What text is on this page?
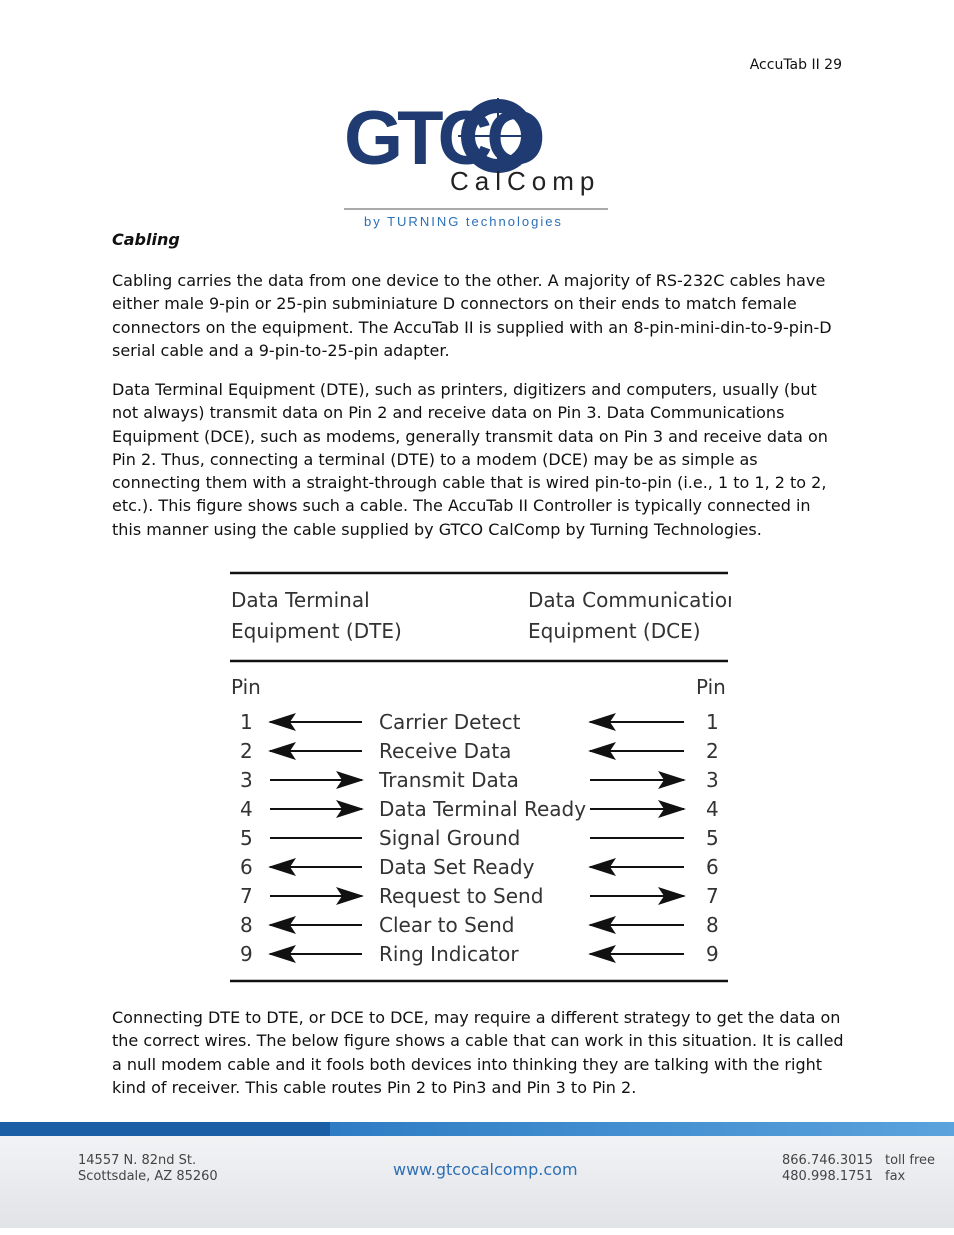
AccuTab II 29
GTCO
CalComp
by TURNING technologies
Cabling

Cabling carries the data from one device to the other. A majority of RS-232C cables have either male 9-pin or 25-pin subminiature D connectors on their ends to match female connectors on the equipment. The AccuTab II is supplied with an 8-pin-mini-din-to-9-pin-D serial cable and a 9-pin-to-25-pin adapter.

Data Terminal Equipment (DTE), such as printers, digitizers and computers, usually (but not always) transmit data on Pin 2 and receive data on Pin 3. Data Communications Equipment (DCE), such as modems, generally transmit data on Pin 3 and receive data on Pin 2. Thus, connecting a terminal (DTE) to a modem (DCE) may be as simple as connecting them with a straight-through cable that is wired pin-to-pin (i.e., 1 to 1, 2 to 2, etc.). This figure shows such a cable. The AccuTab II Controller is typically connected in this manner using the cable supplied by GTCO CalComp by Turning Technologies.

Data Terminal
Equipment (DTE)
Data Communication
Equipment (DCE)
Pin	Pin
1	Carrier Detect	1
2	Receive Data	2
3	Transmit Data	3
4	Data Terminal Ready	4
5	Signal Ground	5
6	Data Set Ready	6
7	Request to Send	7
8	Clear to Send	8
9	Ring Indicator	9

Connecting DTE to DTE, or DCE to DCE, may require a different strategy to get the data on the correct wires. The below figure shows a cable that can work in this situation. It is called a null modem cable and it fools both devices into thinking they are talking with the right kind of receiver. This cable routes Pin 2 to Pin3 and Pin 3 to Pin 2.

14557 N. 82nd St.
Scottsdale, AZ 85260	www.gtcocalcomp.com	866.746.3015
480.998.1751
toll free
fax
